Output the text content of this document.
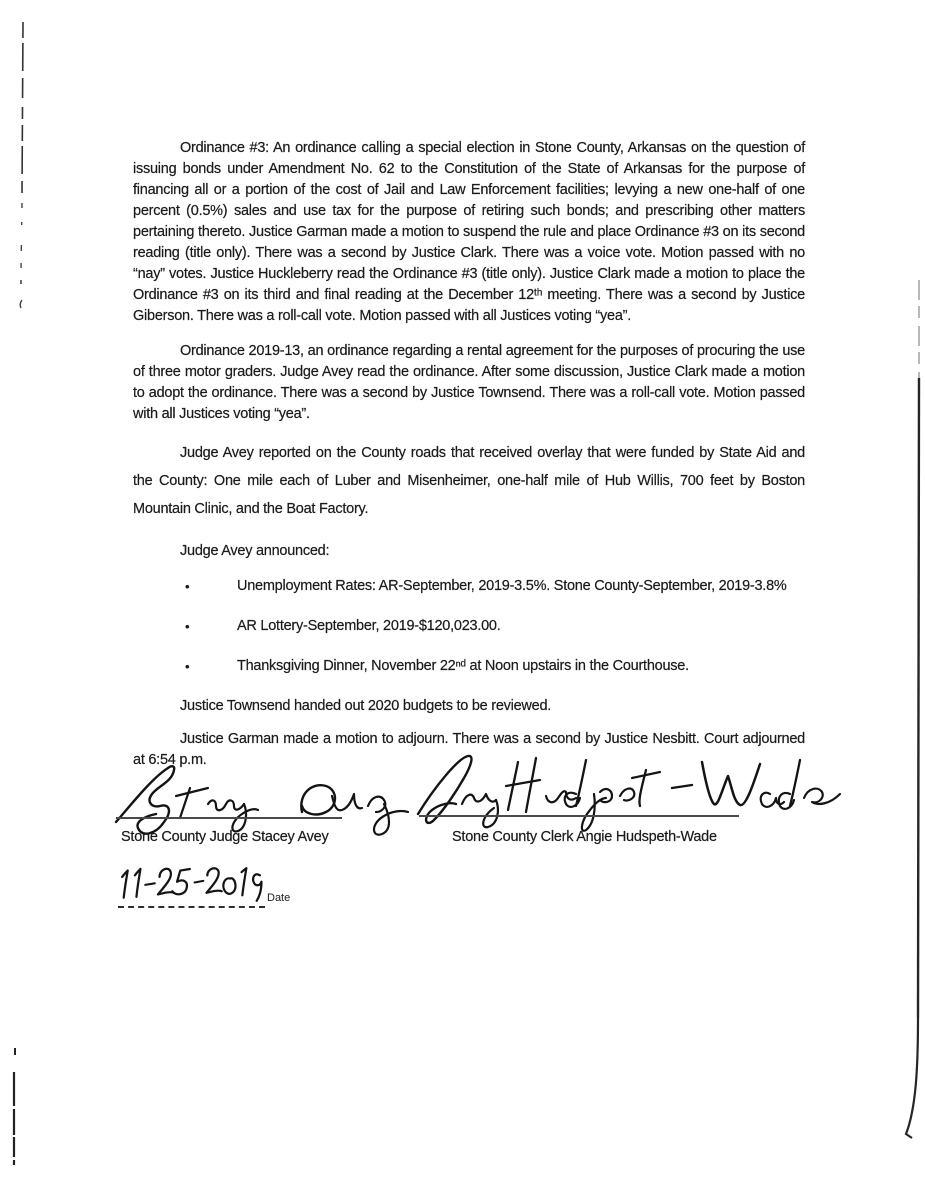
Ordinance #3: An ordinance calling a special election in Stone County, Arkansas on the question of issuing bonds under Amendment No. 62 to the Constitution of the State of Arkansas for the purpose of financing all or a portion of the cost of Jail and Law Enforcement facilities; levying a new one-half of one percent (0.5%) sales and use tax for the purpose of retiring such bonds; and prescribing other matters pertaining thereto. Justice Garman made a motion to suspend the rule and place Ordinance #3 on its second reading (title only). There was a second by Justice Clark. There was a voice vote. Motion passed with no “nay” votes. Justice Huckleberry read the Ordinance #3 (title only). Justice Clark made a motion to place the Ordinance #3 on its third and final reading at the December 12ᵗʰ meeting. There was a second by Justice Giberson. There was a roll-call vote. Motion passed with all Justices voting “yea”.

Ordinance 2019-13, an ordinance regarding a rental agreement for the purposes of procuring the use of three motor graders. Judge Avey read the ordinance. After some discussion, Justice Clark made a motion to adopt the ordinance. There was a second by Justice Townsend. There was a roll-call vote. Motion passed with all Justices voting “yea”.

Judge Avey reported on the County roads that received overlay that were funded by State Aid and the County: One mile each of Luber and Misenheimer, one-half mile of Hub Willis, 700 feet by Boston Mountain Clinic, and the Boat Factory.

Judge Avey announced:

•	Unemployment Rates: AR-September, 2019-3.5%. Stone County-September, 2019-3.8%
•	AR Lottery-September, 2019-$120,023.00.
•	Thanksgiving Dinner, November 22ⁿᵈ at Noon upstairs in the Courthouse.

Justice Townsend handed out 2020 budgets to be reviewed.

Justice Garman made a motion to adjourn. There was a second by Justice Nesbitt. Court adjourned at 6:54 p.m.

Stone County Judge Stacey Avey	Stone County Clerk Angie Hudspeth-Wade
Date
